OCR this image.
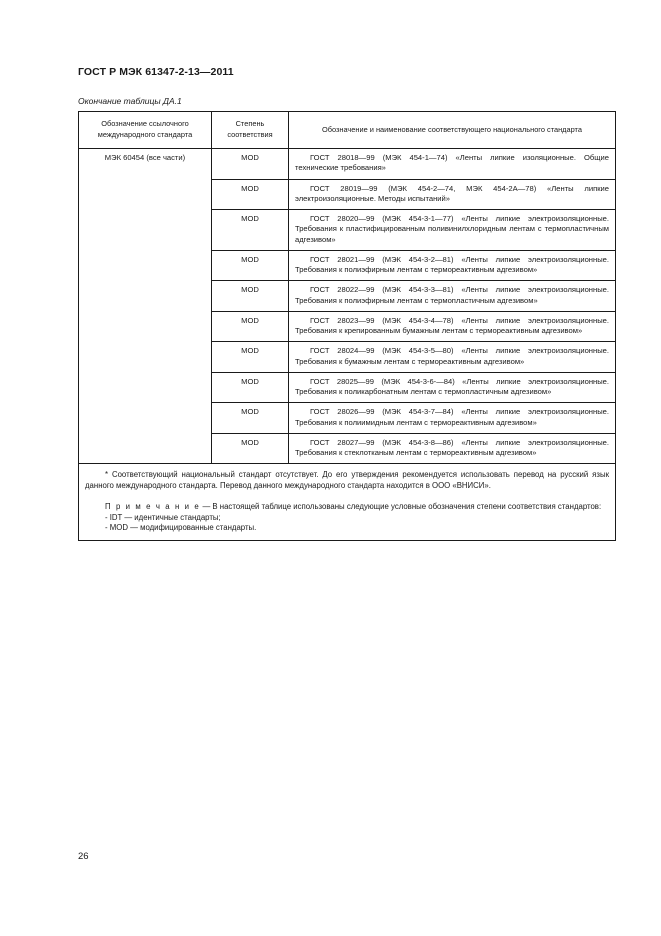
ГОСТ Р МЭК 61347-2-13—2011
Окончание таблицы ДА.1
Обозначение ссылочного международного стандарта	Степень соответствия	Обозначение и наименование соответствующего национального стандарта
МЭК 60454 (все части)	MOD	ГОСТ 28018—99 (МЭК 454-1—74) «Ленты липкие изоляционные. Общие технические требования»
	MOD	ГОСТ 28019—99 (МЭК 454-2—74, МЭК 454-2А—78) «Ленты липкие электроизоляционные. Методы испытаний»
	MOD	ГОСТ 28020—99 (МЭК 454-3-1—77) «Ленты липкие электроизоляционные. Требования к пластифицированным поливинилхлоридным лентам с термопластичным адгезивом»
	MOD	ГОСТ 28021—99 (МЭК 454-3-2—81) «Ленты липкие электроизоляционные. Требования к полиэфирным лентам с термореактивным адгезивом»
	MOD	ГОСТ 28022—99 (МЭК 454-3-3—81) «Ленты липкие электроизоляционные. Требования к полиэфирным лентам с термопластичным адгезивом»
	MOD	ГОСТ 28023—99 (МЭК 454-3-4—78) «Ленты липкие электроизоляционные. Требования к крепированным бумажным лентам с термореактивным адгезивом»
	MOD	ГОСТ 28024—99 (МЭК 454-3-5—80) «Ленты липкие электроизоляционные. Требования к бумажным лентам с термореактивным адгезивом»
	MOD	ГОСТ 28025—99 (МЭК 454-3-6-—84) «Ленты липкие электроизоляционные. Требования к поликарбонатным лентам с термопластичным адгезивом»
	MOD	ГОСТ 28026—99 (МЭК 454-3-7—84) «Ленты липкие электроизоляционные. Требования к полиимидным лентам с термореактивным адгезивом»
	MOD	ГОСТ 28027—99 (МЭК 454-3-8—86) «Ленты липкие электроизоляционные. Требования к стеклотканым лентам с термореактивным адгезивом»

* Соответствующий национальный стандарт отсутствует. До его утверждения рекомендуется использовать перевод на русский язык данного международного стандарта. Перевод данного международного стандарта находится в ООО «ВНИСИ».

П р и м е ч а н и е — В настоящей таблице использованы следующие условные обозначения степени соответствия стандартов:

- IDT — идентичные стандарты;

- MOD — модифицированные стандарты.		

26
